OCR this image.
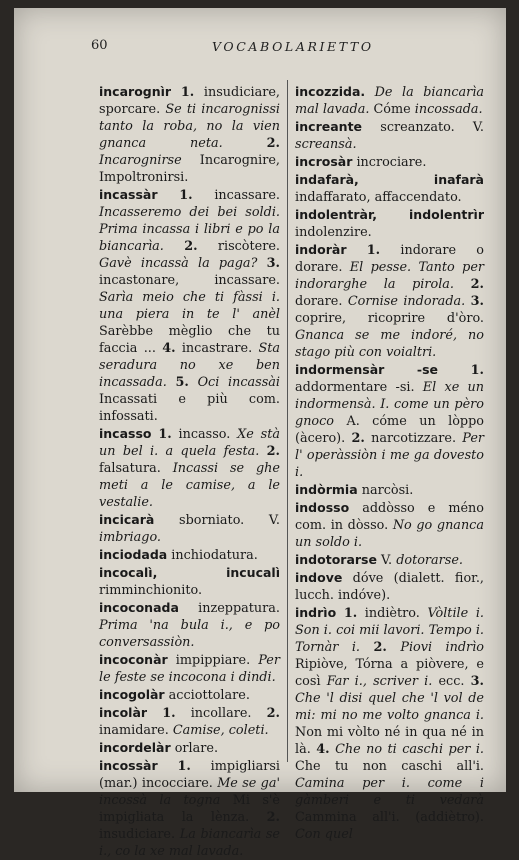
60	VOCABOLARIETTO

incarognìr 1. insudiciare, sporcare. Se ti incarognissi tanto la roba, no la vien gnanca neta.	2. Incarognirse Incarognire, Impoltronirsi.

incassàr 1. incassare. Incasseremo dei bei soldi. Prima incassa i libri e po la biancarìa. 2. riscòtere. Gavè incassà la paga? 3. incastonare, incassare. Sarìa meio che ti fàssi i. una piera in te l' anèl Sarèbbe mèglio che tu faccia ... 4. incastrare. Sta seradura no xe ben incassada. 5. Oci incassài Incassati e più com. infossati.

incasso 1. incasso. Xe stà un bel i. a quela festa. 2. falsatura. Incassi se ghe meti a le camise, a le vestalie.

incicarà sborniato. V. imbriago.

inciodada inchiodatura.

incocalì, incucalì rimminchionito.

incoconada inzeppatura. Prima 'na bula i., e po conversassiòn.

incoconàr impippiare. Per le feste se incocona i dindi.

incogolàr acciottolare.

incolàr 1. incollare. 2. inamidare. Camise, coleti.

incordelàr orlare.

incossàr 1. impigliarsi (mar.) incocciare. Me se ga' incossà la togna Mi s'è impigliata la lènza. 2. insudiciare. La biancarìa se i., co la xe mal lavada.

incozzida. De la biancarìa mal lavada. Cóme incossada.

increante screanzato. V. screansà.

incrosàr incrociare.

indafarà, inafarà indaffarato, affaccendato.

indolentràr, indolentrìr indolenzire.

indoràr 1. indorare o dorare. El pesse. Tanto per indorarghe la pirola. 2. dorare. Cornise indorada. 3. coprire, ricoprire d'òro. Gnanca se me indoré, no stago più con voialtri.

indormensàr	-se	1. addormentare -si. El xe un indormensà. I. come un pèro gnoco A. cóme un lòppo (àcero). 2. narcotizzare. Per l' operàssiòn i me ga dovesto i.

indòrmia narcòsi.

indosso addòsso e méno com. in dòsso. No go gnanca un soldo i.

indotorarse V. dotorarse.

indove dóve (dialett. fior., lucch. indóve).

indrìo 1. indiètro. Vòltile i. Son i. coi mii lavori. Tempo i. Tornàr i. 2. Piovi indrìo Ripiòve, Tórna a piòvere, e così Far i., scriver i. ecc. 3. Che 'l disi quel che 'l vol de mi: mi no me volto gnanca i. Non mi vòlto né in qua né in là. 4. Che no ti caschi per i. Che tu non caschi all'i. Camina per i. come i gàmberi e ti vedarà Cammina all'i. (addiètro). Con quel
